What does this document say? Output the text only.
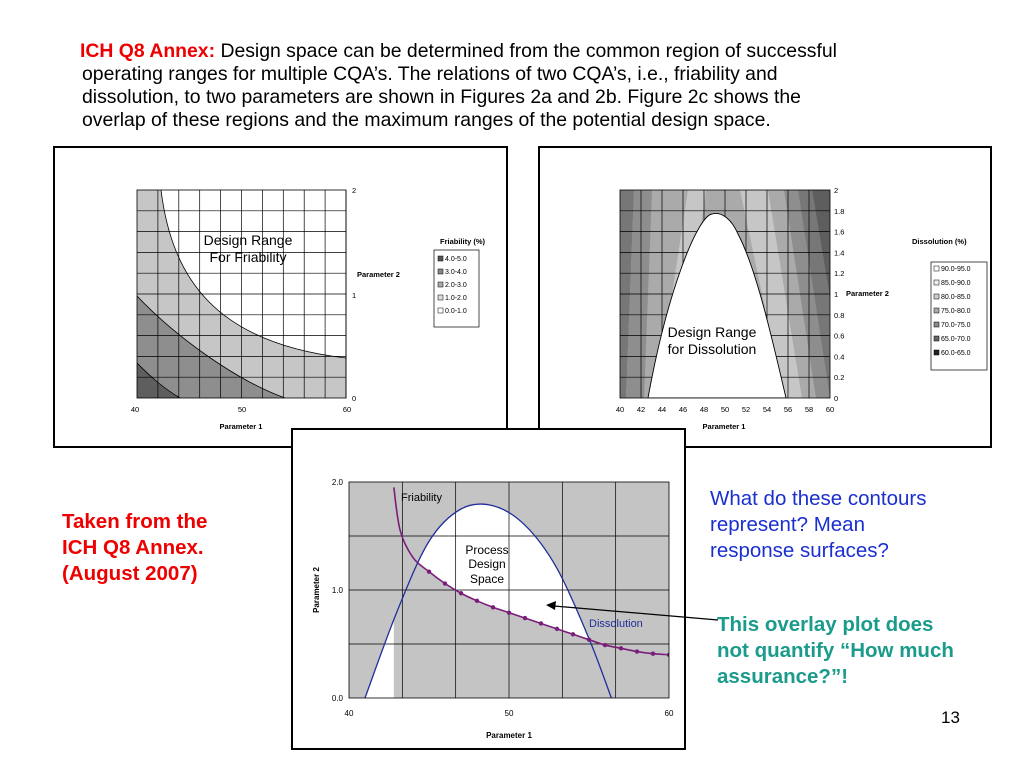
ICH Q8 Annex: Design space can be determined from the common region of successful
operating ranges for multiple CQA’s. The relations of two CQA’s, i.e., friability and
dissolution, to two parameters are shown in Figures 2a and 2b. Figure 2c shows the
overlap of these regions and the maximum ranges of the potential design space.
Design Range
For Friability
40	50	60
0
1
2
Parameter 1
Parameter 2
Friability (%)
4.0-5.0
3.0-4.0
2.0-3.0
1.0-2.0
0.0-1.0
Design Range
for Dissolution
40 42 44 46 48 50 52 54 56 58 60
0
0.2
0.4
0.6
0.8
1
1.2
1.4
1.6
1.8
2
Parameter 1
Parameter 2
Dissolution (%)
90.0-95.0
85.0-90.0
80.0-85.0
75.0-80.0
70.0-75.0
65.0-70.0
60.0-65.0
Friability
Dissolution
Process
Design
Space
40	50	60
0.0
1.0
2.0
Parameter 1
Parameter 2
Taken from the
ICH Q8 Annex.
(August 2007)
What do these contours
represent? Mean
response surfaces?
This overlay plot does
not quantify “How much
assurance?”!
13
